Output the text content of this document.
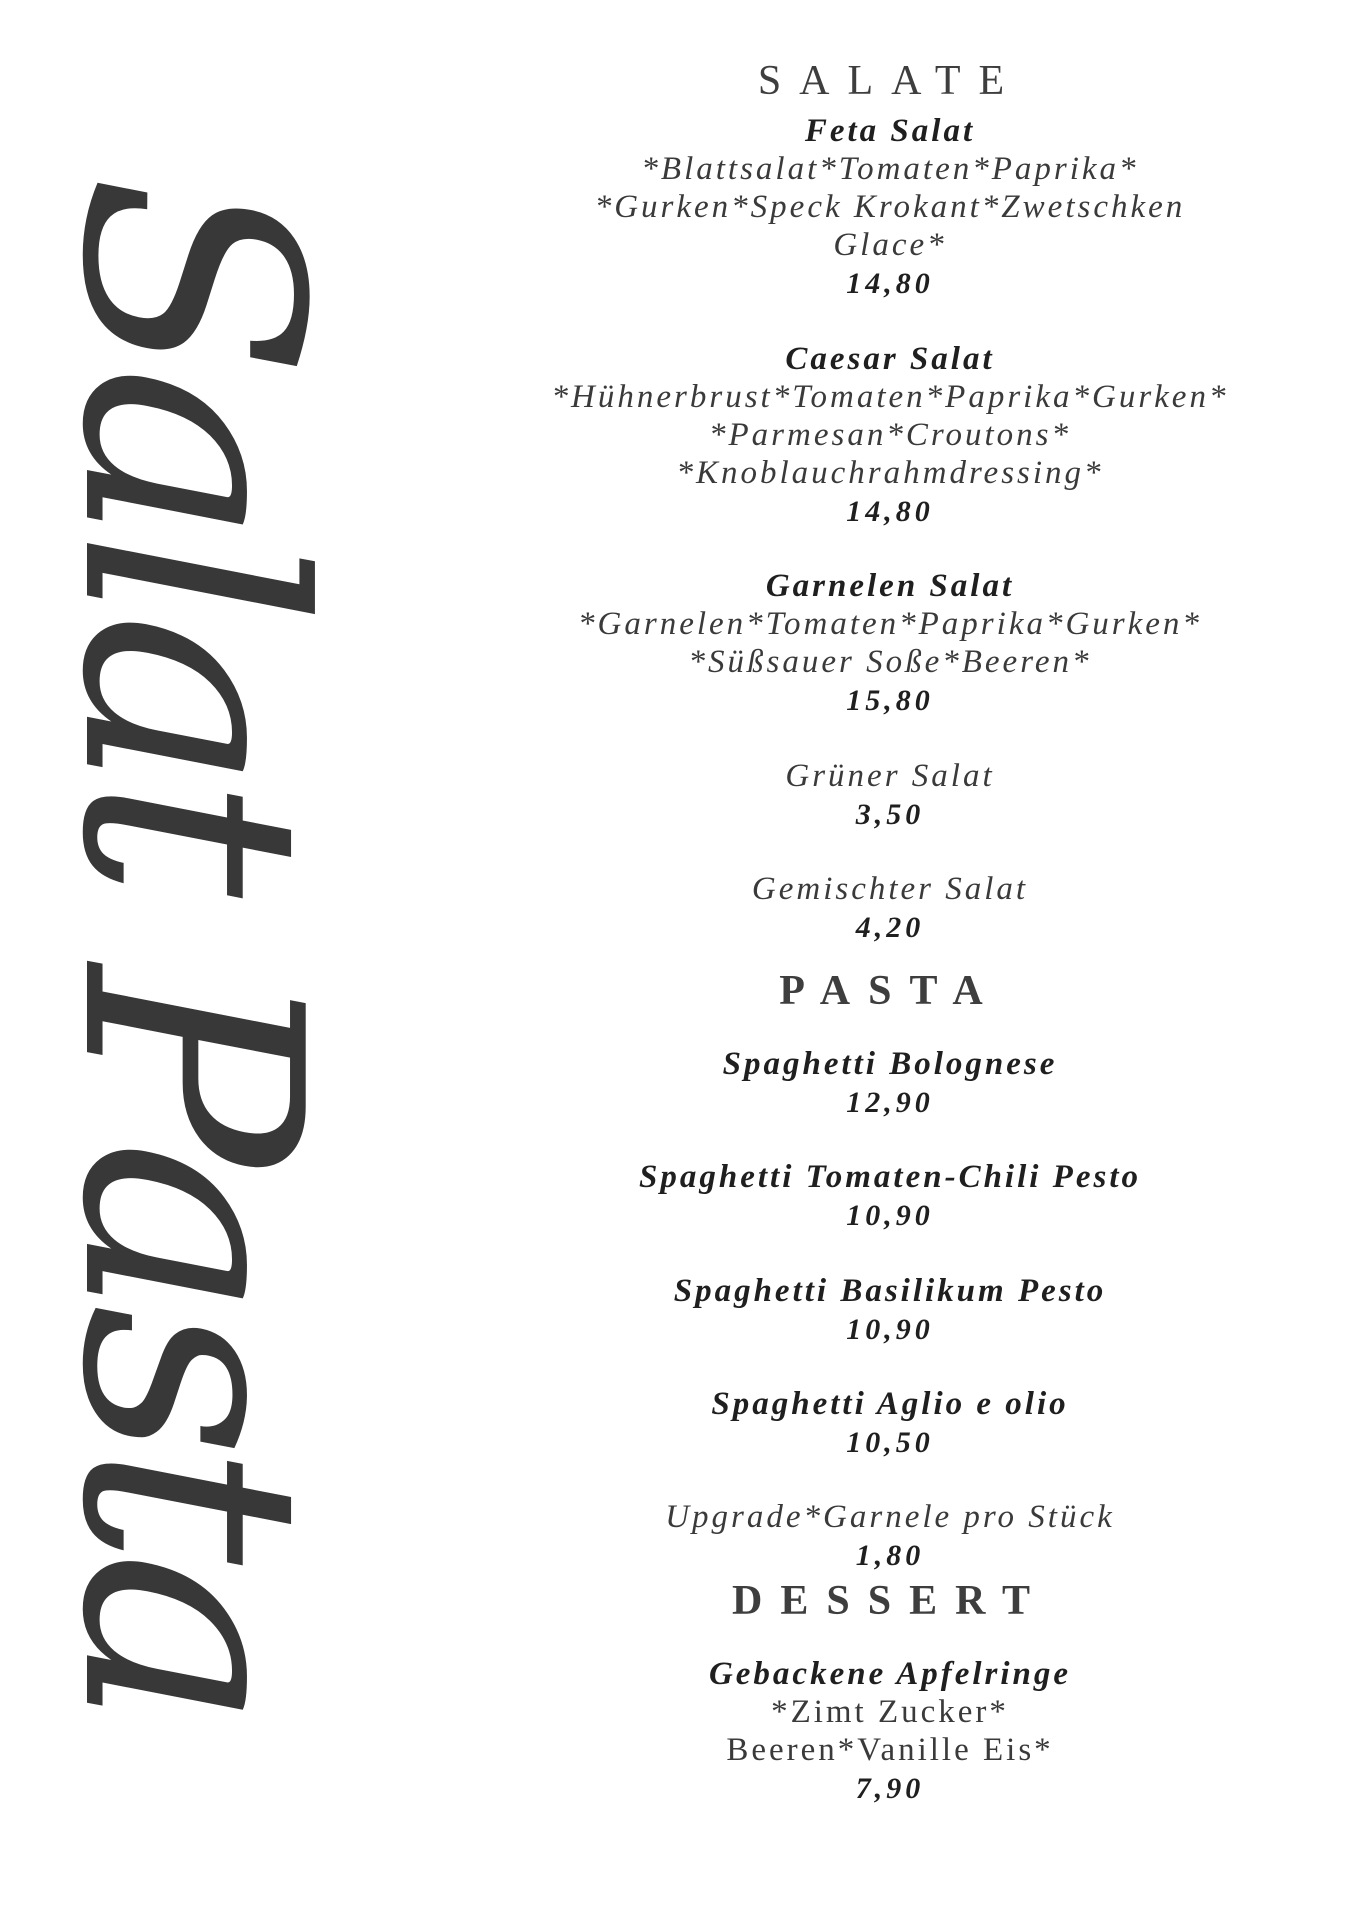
Salat Pasta
SALATE
Feta Salat
*Blattsalat*Tomaten*Paprika*
*Gurken*Speck Krokant*Zwetschken
Glace*
14,80
Caesar Salat
*Hühnerbrust*Tomaten*Paprika*Gurken*
*Parmesan*Croutons*
*Knoblauchrahmdressing*
14,80
Garnelen Salat
*Garnelen*Tomaten*Paprika*Gurken*
*Süßsauer Soße*Beeren*
15,80
Grüner Salat
3,50
Gemischter Salat
4,20
PASTA
Spaghetti Bolognese
12,90
Spaghetti Tomaten-Chili Pesto
10,90
Spaghetti Basilikum Pesto
10,90
Spaghetti Aglio e olio
10,50
Upgrade*Garnele pro Stück
1,80
DESSERT
Gebackene Apfelringe
*Zimt Zucker*
Beeren*Vanille Eis*
7,90
